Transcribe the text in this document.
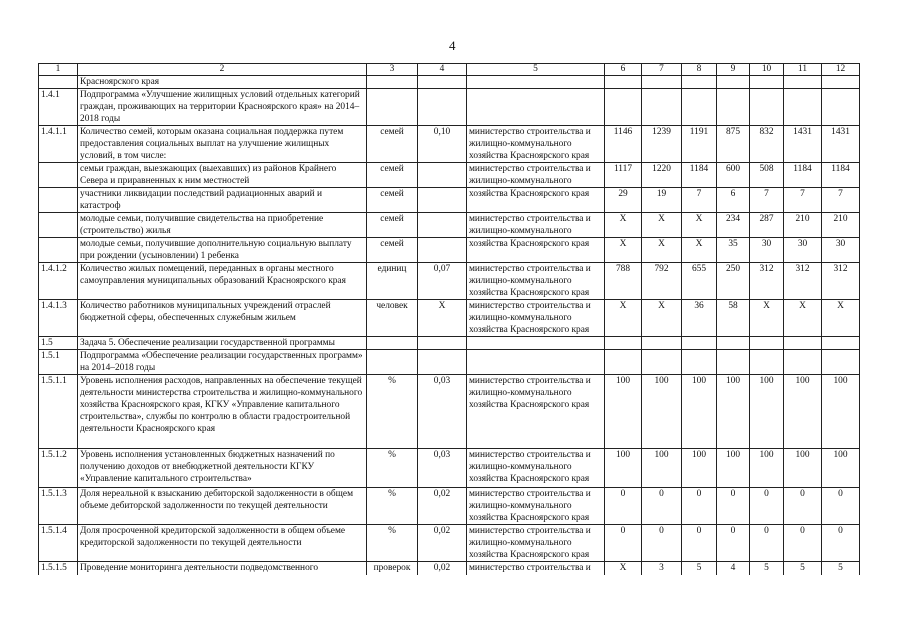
4
1	2	3	4	5	6	7	8	9	10	11	12
	Красноярского края										
1.4.1	Подпрограмма «Улучшение жилищных условий отдельных категорий граждан, проживающих на территории Красноярского края» на 2014–2018 годы										
1.4.1.1	Количество семей, которым оказана социальная поддержка путем предоставления социальных выплат на улучшение жилищных условий, в том числе:	семей	0,10	министерство строительства и жилищно-коммунального хозяйства Красноярского края	1146	1239	1191	875	832	1431	1431
	семьи граждан, выезжающих (выехавших) из районов Крайнего Севера и приравненных к ним местностей	семей		министерство строительства и жилищно-коммунального	1117	1220	1184	600	508	1184	1184
	участники ликвидации последствий радиационных аварий и катастроф	семей		хозяйства Красноярского края	29	19	7	6	7	7	7
	молодые семьи, получившие свидетельства на приобретение (строительство) жилья	семей		министерство строительства и жилищно-коммунального	Х	Х	Х	234	287	210	210
	молодые семьи, получившие дополнительную социальную выплату при рождении (усыновлении) 1 ребенка	семей		хозяйства Красноярского края	Х	Х	Х	35	30	30	30
1.4.1.2	Количество жилых помещений, переданных в органы местного самоуправления муниципальных образований Красноярского края	единиц	0,07	министерство строительства и жилищно-коммунального хозяйства Красноярского края	788	792	655	250	312	312	312
1.4.1.3	Количество работников муниципальных учреждений отраслей бюджетной сферы, обеспеченных служебным жильем	человек	Х	министерство строительства и жилищно-коммунального хозяйства Красноярского края	Х	Х	36	58	Х	Х	Х
1.5	Задача 5. Обеспечение реализации государственной программы										
1.5.1	Подпрограмма «Обеспечение реализации государственных программ» на 2014–2018 годы										
1.5.1.1	Уровень исполнения расходов, направленных на обеспечение текущей деятельности министерства строительства и жилищно-коммунального хозяйства Красноярского края, КГКУ «Управление капитального строительства», службы по контролю в области градостроительной деятельности Красноярского края	%	0,03	министерство строительства и жилищно-коммунального хозяйства Красноярского края	100	100	100	100	100	100	100
1.5.1.2	Уровень исполнения установленных бюджетных назначений по получению доходов от внебюджетной деятельности КГКУ «Управление капитального строительства»	%	0,03	министерство строительства и жилищно-коммунального хозяйства Красноярского края	100	100	100	100	100	100	100
1.5.1.3	Доля нереальной к взысканию дебиторской задолженности в общем объеме дебиторской задолженности по текущей деятельности	%	0,02	министерство строительства и жилищно-коммунального хозяйства Красноярского края	0	0	0	0	0	0	0
1.5.1.4	Доля просроченной кредиторской задолженности в общем объеме кредиторской задолженности по текущей деятельности	%	0,02	министерство строительства и жилищно-коммунального хозяйства Красноярского края	0	0	0	0	0	0	0
1.5.1.5	Проведение мониторинга деятельности подведомственного	проверок	0,02	министерство строительства и	Х	3	5	4	5	5	5
